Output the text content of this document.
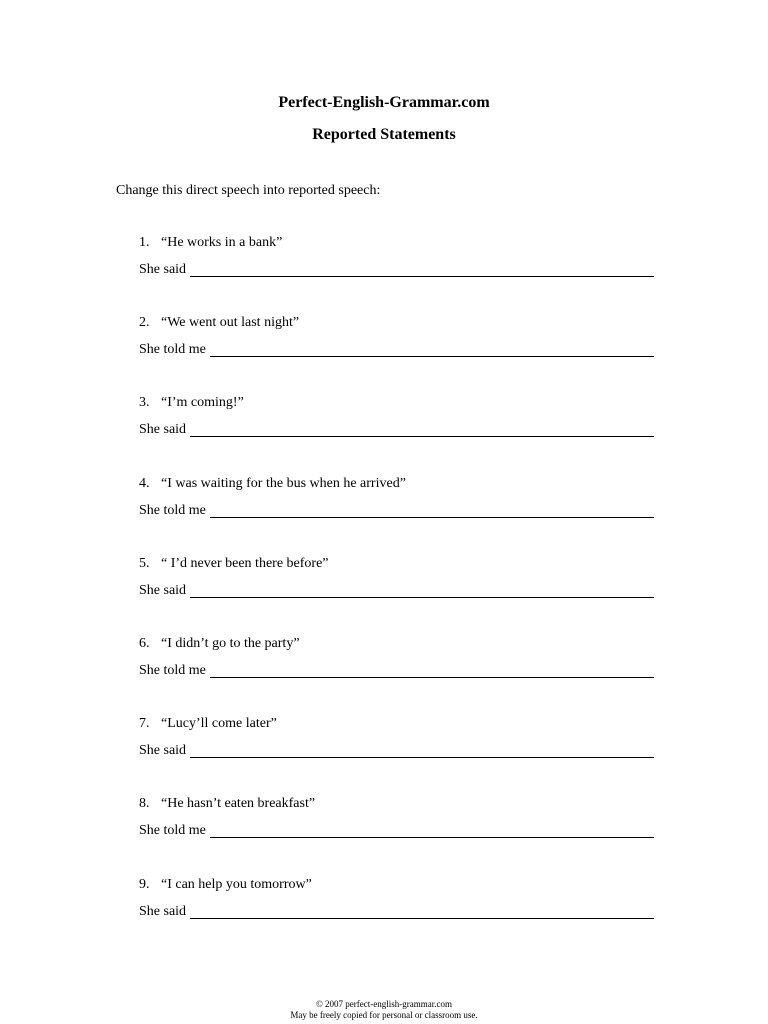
Perfect-English-Grammar.com
Reported Statements
Change this direct speech into reported speech:
1. “He works in a bank”
She said
2. “We went out last night”
She told me
3. “I’m coming!”
She said
4. “I was waiting for the bus when he arrived”
She told me
5. “ I’d never been there before”
She said
6. “I didn’t go to the party”
She told me
7. “Lucy’ll come later”
She said
8. “He hasn’t eaten breakfast”
She told me
9. “I can help you tomorrow”
She said
© 2007 perfect-english-grammar.com
May be freely copied for personal or classroom use.
